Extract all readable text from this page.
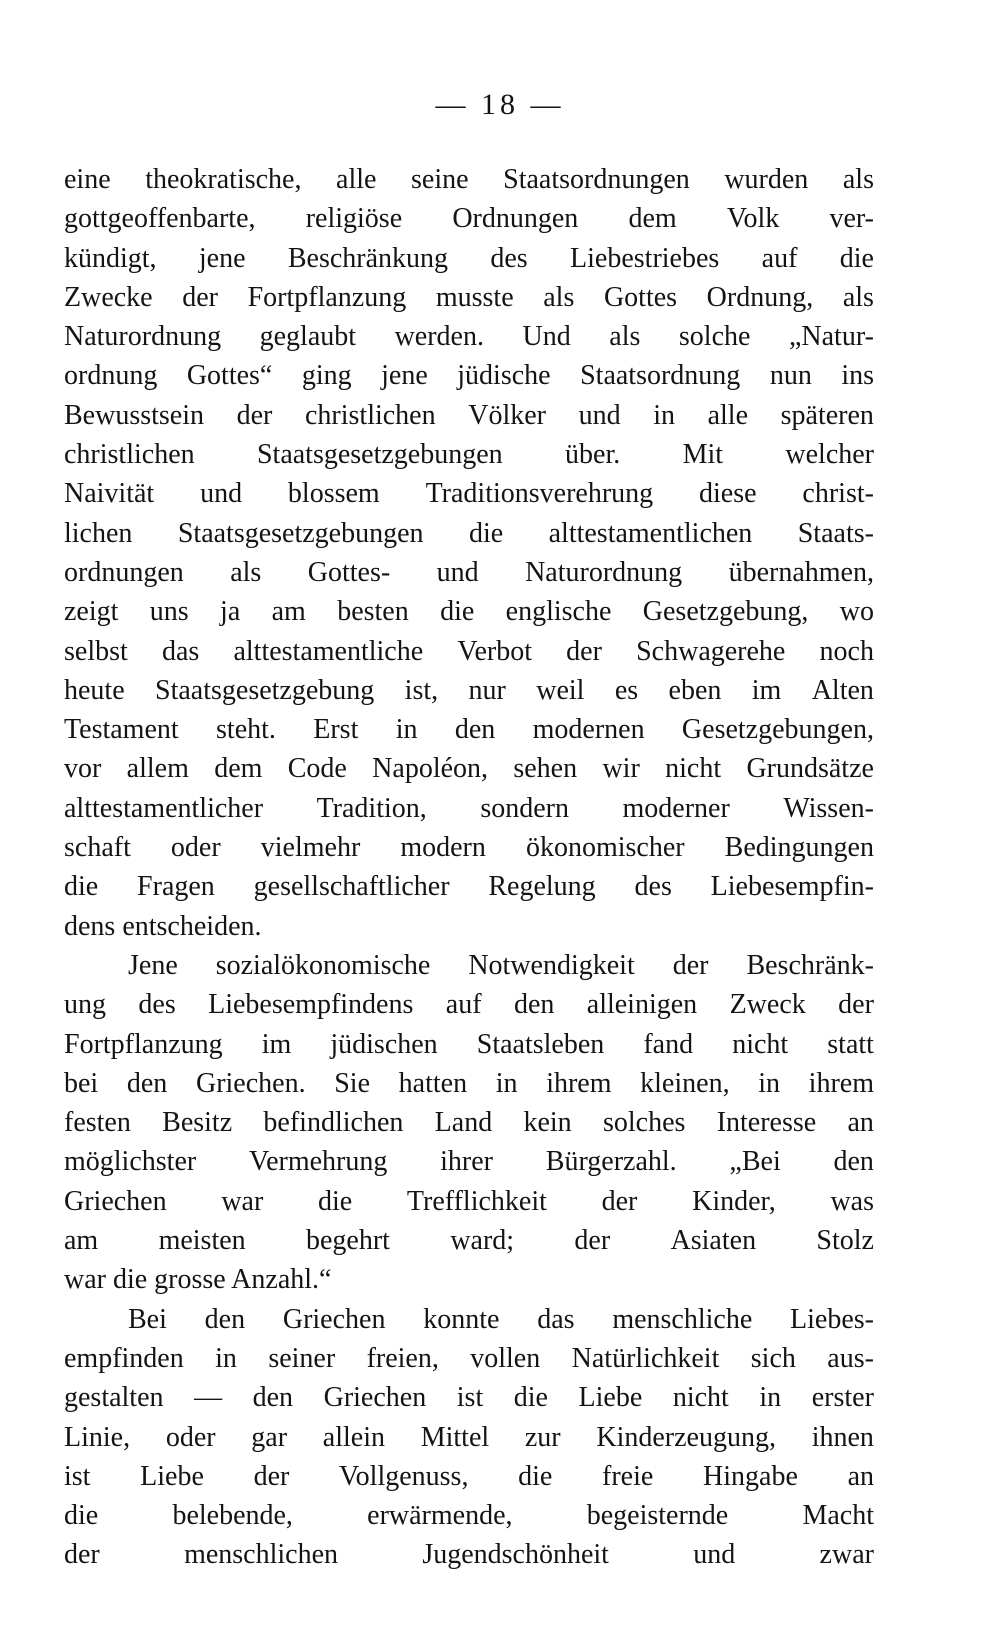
— 18 —
eine theokratische, alle seine Staatsordnungen wurden als
gottgeoffenbarte, religiöse Ordnungen dem Volk ver-
kündigt, jene Beschränkung des Liebestriebes auf die
Zwecke der Fortpflanzung musste als Gottes Ordnung, als
Naturordnung geglaubt werden. Und als solche „Natur-
ordnung Gottes“ ging jene jüdische Staatsordnung nun ins
Bewusstsein der christlichen Völker und in alle späteren
christlichen Staatsgesetzgebungen über. Mit welcher
Naivität und blossem Traditionsverehrung diese christ-
lichen Staatsgesetzgebungen die alttestamentlichen Staats-
ordnungen als Gottes- und Naturordnung übernahmen,
zeigt uns ja am besten die englische Gesetzgebung, wo
selbst das alttestamentliche Verbot der Schwagerehe noch
heute Staatsgesetzgebung ist, nur weil es eben im Alten
Testament steht. Erst in den modernen Gesetzgebungen,
vor allem dem Code Napoléon, sehen wir nicht Grundsätze
alttestamentlicher Tradition, sondern moderner Wissen-
schaft oder vielmehr modern ökonomischer Bedingungen
die Fragen gesellschaftlicher Regelung des Liebesempfin-
dens entscheiden.
Jene sozialökonomische Notwendigkeit der Beschränk-
ung des Liebesempfindens auf den alleinigen Zweck der
Fortpflanzung im jüdischen Staatsleben fand nicht statt
bei den Griechen. Sie hatten in ihrem kleinen, in ihrem
festen Besitz befindlichen Land kein solches Interesse an
möglichster Vermehrung ihrer Bürgerzahl. „Bei den
Griechen war die Trefflichkeit der Kinder, was
am meisten begehrt ward; der Asiaten Stolz
war die grosse Anzahl.“
Bei den Griechen konnte das menschliche Liebes-
empfinden in seiner freien, vollen Natürlichkeit sich aus-
gestalten — den Griechen ist die Liebe nicht in erster
Linie, oder gar allein Mittel zur Kinderzeugung, ihnen
ist Liebe der Vollgenuss, die freie Hingabe an
die	belebende,	erwärmende,	begeisternde	Macht
der	menschlichen	Jugendschönheit	und	zwar
